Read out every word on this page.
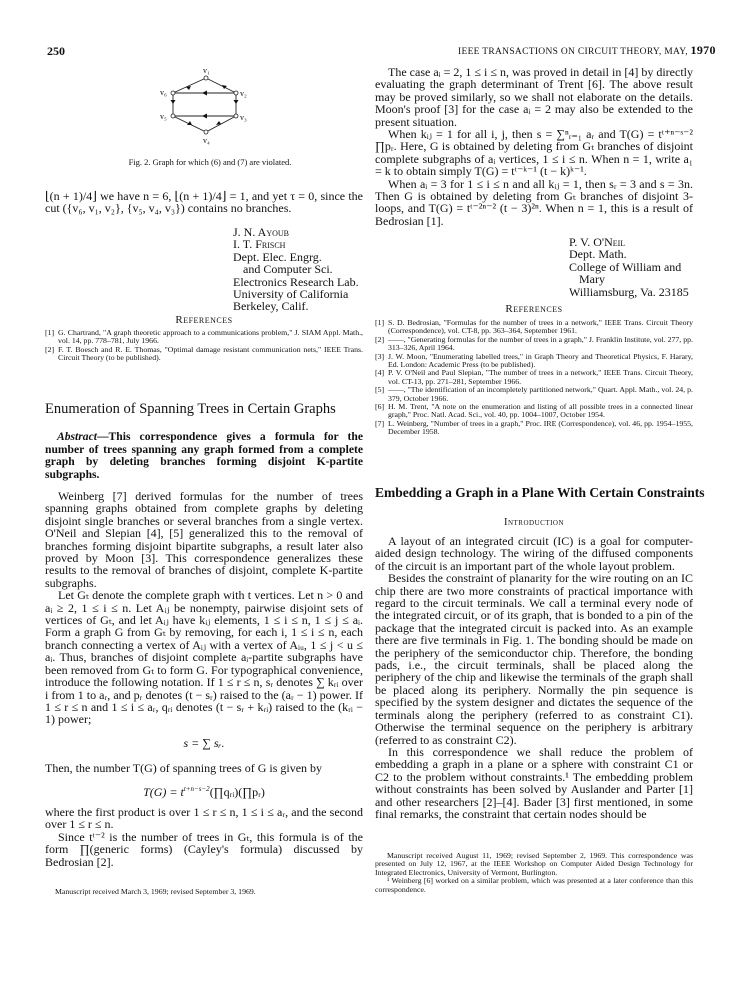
250	IEEE TRANSACTIONS ON CIRCUIT THEORY, MAY, 1970
v₁
v₂
v₃
v₄
v₅
v₆
Fig. 2. Graph for which (6) and (7) are violated.

⌊(n + 1)/4⌋ we have n = 6, ⌊(n + 1)/4⌋ = 1, and yet τ = 0, since the cut ({v₆, v₁, v₂}, {v₅, v₄, v₃}) contains no branches.

J. N. Ayoub
I. T. Frisch
Dept. Elec. Engrg.
and Computer Sci.
Electronics Research Lab.
University of California
Berkeley, Calif.
References
[1] G. Chartrand, "A graph theoretic approach to a communications problem," J. SIAM Appl. Math., vol. 14, pp. 778–781, July 1966.
[2] F. T. Boesch and R. E. Thomas, "Optimal damage resistant communication nets," IEEE Trans. Circuit Theory (to be published).
Enumeration of Spanning Trees in Certain Graphs
Abstract—This correspondence gives a formula for the number of trees spanning any graph formed from a complete graph by deleting branches forming disjoint K-partite subgraphs.

Weinberg [7] derived formulas for the number of trees spanning graphs obtained from complete graphs by deleting disjoint single branches or several branches from a single vertex. O'Neil and Slepian [4], [5] generalized this to the removal of branches forming disjoint bipartite subgraphs, a result later also proved by Moon [3]. This correspondence generalizes these results to the removal of branches of disjoint, complete K-partite subgraphs.

Let Gₜ denote the complete graph with t vertices. Let n > 0 and aᵢ ≥ 2, 1 ≤ i ≤ n. Let Aᵢⱼ be nonempty, pairwise disjoint sets of vertices of Gₜ, and let Aᵢⱼ have kᵢⱼ elements, 1 ≤ i ≤ n, 1 ≤ j ≤ aᵢ. Form a graph G from Gₜ by removing, for each i, 1 ≤ i ≤ n, each branch connecting a vertex of Aᵢⱼ with a vertex of Aᵢᵤ, 1 ≤ j < u ≤ aᵢ. Thus, branches of disjoint complete aᵢ-partite subgraphs have been removed from Gₜ to form G. For typographical convenience, introduce the following notation. If 1 ≤ r ≤ n, sᵣ denotes ∑ kᵣᵢ over i from 1 to aᵣ, and pᵣ denotes (t − sᵣ) raised to the (aᵣ − 1) power. If 1 ≤ r ≤ n and 1 ≤ i ≤ aᵣ, qᵣᵢ denotes (t − sᵣ + kᵣᵢ) raised to the (kᵣᵢ − 1) power;

s = ∑ sᵣ.

Then, the number T(G) of spanning trees of G is given by

$T(G) = t^{t+n-s-2}(\prod qᵣᵢ)(\prod pᵣ)$

where the first product is over 1 ≤ r ≤ n, 1 ≤ i ≤ aᵣ, and the second over 1 ≤ r ≤ n.

Since tᵗ⁻² is the number of trees in Gₜ, this formula is of the form ∏(generic forms) (Cayley's formula) discussed by Bedrosian [2].

Manuscript received March 3, 1969; revised September 3, 1969.

The case aᵢ = 2, 1 ≤ i ≤ n, was proved in detail in [4] by directly evaluating the graph determinant of Trent [6]. The above result may be proved similarly, so we shall not elaborate on the details. Moon's proof [3] for the case aᵢ = 2 may also be extended to the present situation.

When kᵢⱼ = 1 for all i, j, then s = ∑ⁿᵣ₌₁ aᵣ and T(G) = tᵗ⁺ⁿ⁻ˢ⁻² ∏pᵣ. Here, G is obtained by deleting from Gₜ branches of disjoint complete subgraphs of aᵢ vertices, 1 ≤ i ≤ n. When n = 1, write a₁ = k to obtain simply T(G) = tᵗ⁻ᵏ⁻¹ (t − k)ᵏ⁻¹.

When aᵢ = 3 for 1 ≤ i ≤ n and all kᵢⱼ = 1, then sᵣ = 3 and s = 3n. Then G is obtained by deleting from Gₜ branches of disjoint 3-loops, and T(G) = tᵗ⁻²ⁿ⁻² (t − 3)²ⁿ. When n = 1, this is a result of Bedrosian [1].

P. V. O'Neil
Dept. Math.
College of William and
Mary
Williamsburg, Va. 23185
References
[1] S. D. Bedrosian, "Formulas for the number of trees in a network," IEEE Trans. Circuit Theory (Correspondence), vol. CT-8, pp. 363–364, September 1961.
[2] ——, "Generating formulas for the number of trees in a graph," J. Franklin Institute, vol. 277, pp. 313–326, April 1964.
[3] J. W. Moon, "Enumerating labelled trees," in Graph Theory and Theoretical Physics, F. Harary, Ed. London: Academic Press (to be published).
[4] P. V. O'Neil and Paul Slepian, "The number of trees in a network," IEEE Trans. Circuit Theory, vol. CT-13, pp. 271–281, September 1966.
[5] ——, "The identification of an incompletely partitioned network," Quart. Appl. Math., vol. 24, p. 379, October 1966.
[6] H. M. Trent, "A note on the enumeration and listing of all possible trees in a connected linear graph," Proc. Natl. Acad. Sci., vol. 40, pp. 1004–1007, October 1954.
[7] L. Weinberg, "Number of trees in a graph," Proc. IRE (Correspondence), vol. 46, pp. 1954–1955, December 1958.
Embedding a Graph in a Plane With Certain Constraints
Introduction

A layout of an integrated circuit (IC) is a goal for computer-aided design technology. The wiring of the diffused components of the circuit is an important part of the whole layout problem.

Besides the constraint of planarity for the wire routing on an IC chip there are two more constraints of practical importance with regard to the circuit terminals. We call a terminal every node of the integrated circuit, or of its graph, that is bonded to a pin of the package that the integrated circuit is packed into. As an example there are five terminals in Fig. 1. The bonding should be made on the periphery of the semiconductor chip. Therefore, the bonding pads, i.e., the circuit terminals, shall be placed along the periphery of the chip and likewise the terminals of the graph shall be placed along its periphery. Normally the pin sequence is specified by the system designer and dictates the sequence of the terminals along the periphery (referred to as constraint C1). Otherwise the terminal sequence on the periphery is arbitrary (referred to as constraint C2).

In this correspondence we shall reduce the problem of embedding a graph in a plane or a sphere with constraint C1 or C2 to the problem without constraints.¹ The embedding problem without constraints has been solved by Auslander and Parter [1] and other researchers [2]–[4]. Bader [3] first mentioned, in some final remarks, the constraint that certain nodes should be

Manuscript received August 11, 1969; revised September 2, 1969. This correspondence was presented on July 12, 1967, at the IEEE Workshop on Computer Aided Design Technology for Integrated Electronics, University of Vermont, Burlington.

¹ Weinberg [6] worked on a similar problem, which was presented at a later conference than this correspondence.
